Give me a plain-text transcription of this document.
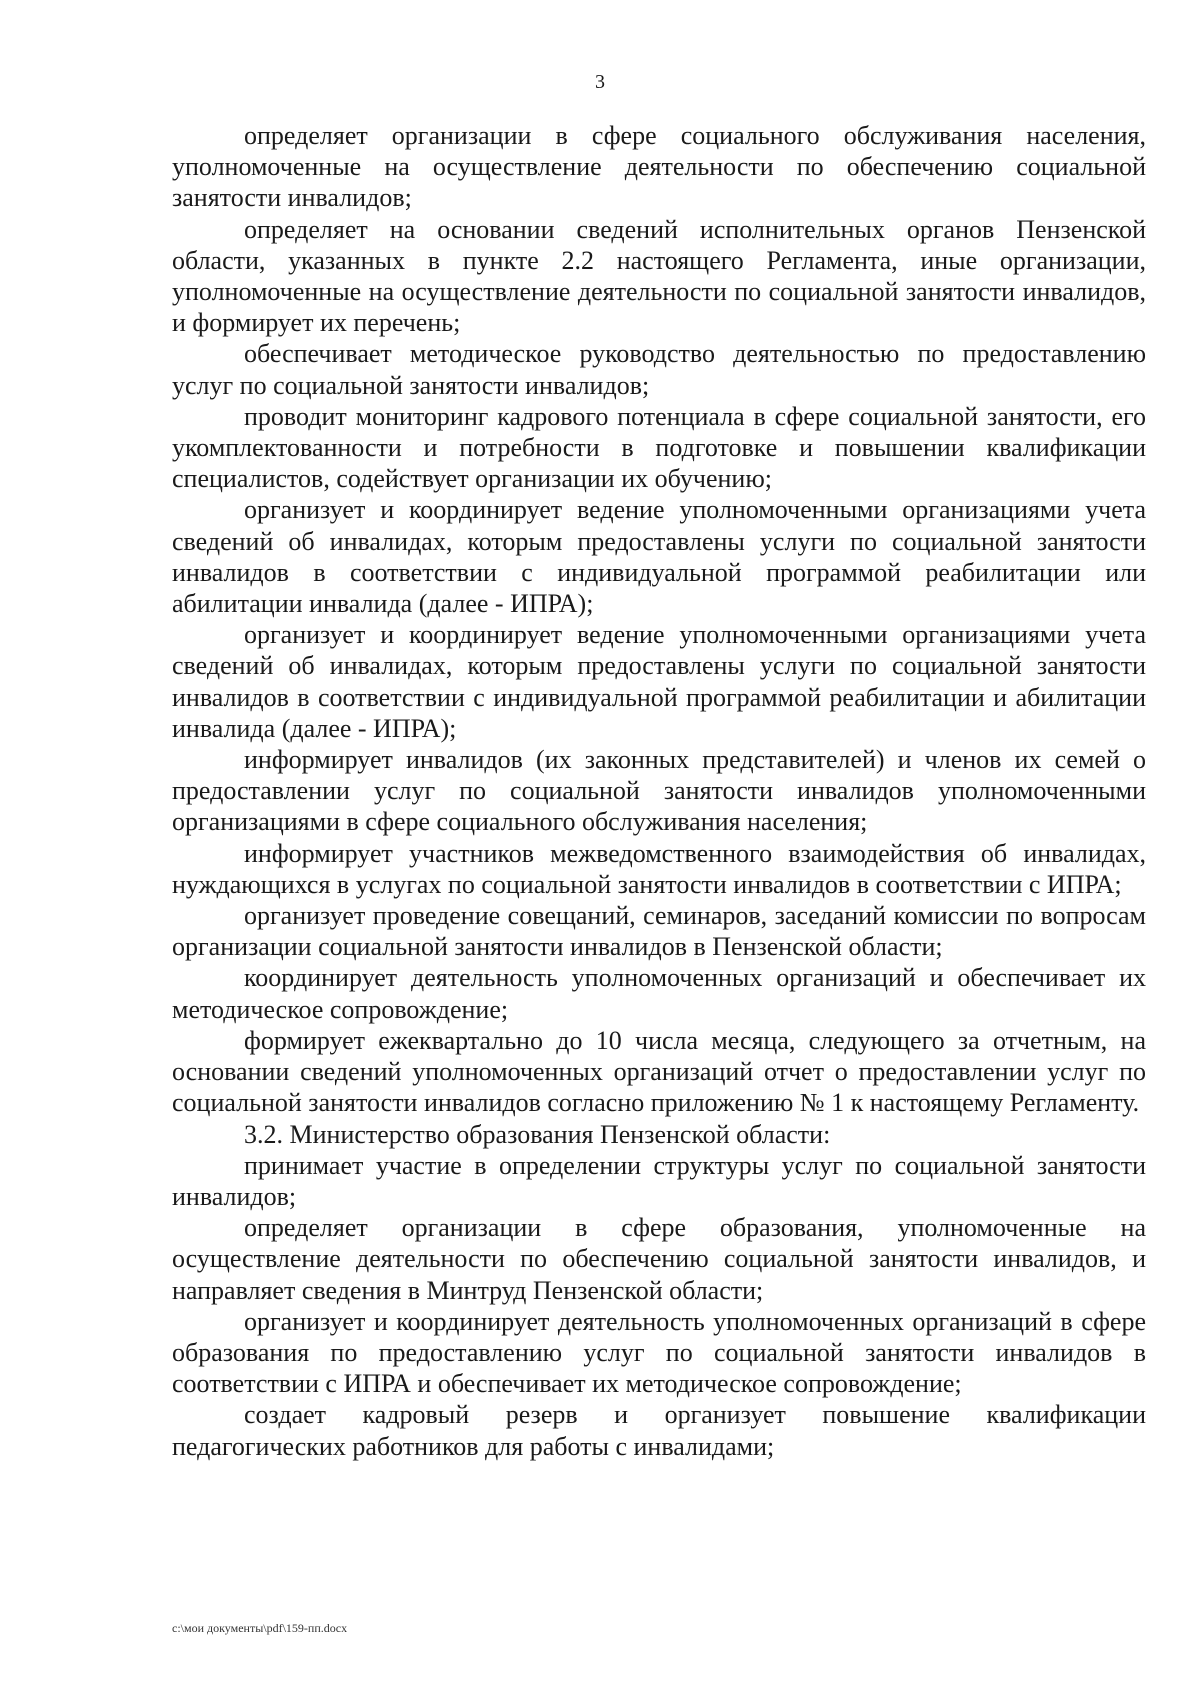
3

определяет организации в сфере социального обслуживания населения, уполномоченные на осуществление деятельности по обеспечению социальной занятости инвалидов;

определяет на основании сведений исполнительных органов Пензенской области, указанных в пункте 2.2 настоящего Регламента, иные организации, уполномоченные на осуществление деятельности по социальной занятости инвалидов, и формирует их перечень;

обеспечивает методическое руководство деятельностью по предоставлению услуг по социальной занятости инвалидов;

проводит мониторинг кадрового потенциала в сфере социальной занятости, его укомплектованности и потребности в подготовке и повышении квалификации специалистов, содействует организации их обучению;

организует и координирует ведение уполномоченными организациями учета сведений об инвалидах, которым предоставлены услуги по социальной занятости инвалидов в соответствии с индивидуальной программой реабилитации или абилитации инвалида (далее - ИПРА);

организует и координирует ведение уполномоченными организациями учета сведений об инвалидах, которым предоставлены услуги по социальной занятости инвалидов в соответствии с индивидуальной программой реабилитации и абилитации инвалида (далее - ИПРА);

информирует инвалидов (их законных представителей) и членов их семей о предоставлении услуг по социальной занятости инвалидов уполномоченными организациями в сфере социального обслуживания населения;

информирует участников межведомственного взаимодействия об инвалидах, нуждающихся в услугах по социальной занятости инвалидов в соответствии с ИПРА;

организует проведение совещаний, семинаров, заседаний комиссии по вопросам организации социальной занятости инвалидов в Пензенской области;

координирует деятельность уполномоченных организаций и обеспечивает их методическое сопровождение;

формирует ежеквартально до 10 числа месяца, следующего за отчетным, на основании сведений уполномоченных организаций отчет о предоставлении услуг по социальной занятости инвалидов согласно приложению № 1 к настоящему Регламенту.

3.2. Министерство образования Пензенской области:

принимает участие в определении структуры услуг по социальной занятости инвалидов;

определяет организации в сфере образования, уполномоченные на осуществление деятельности по обеспечению социальной занятости инвалидов, и направляет сведения в Минтруд Пензенской области;

организует и координирует деятельность уполномоченных организаций в сфере образования по предоставлению услуг по социальной занятости инвалидов в соответствии с ИПРА и обеспечивает их методическое сопровождение;

создает кадровый резерв и организует повышение квалификации педагогических работников для работы с инвалидами;

c:\мои документы\pdf\159-пп.docx
